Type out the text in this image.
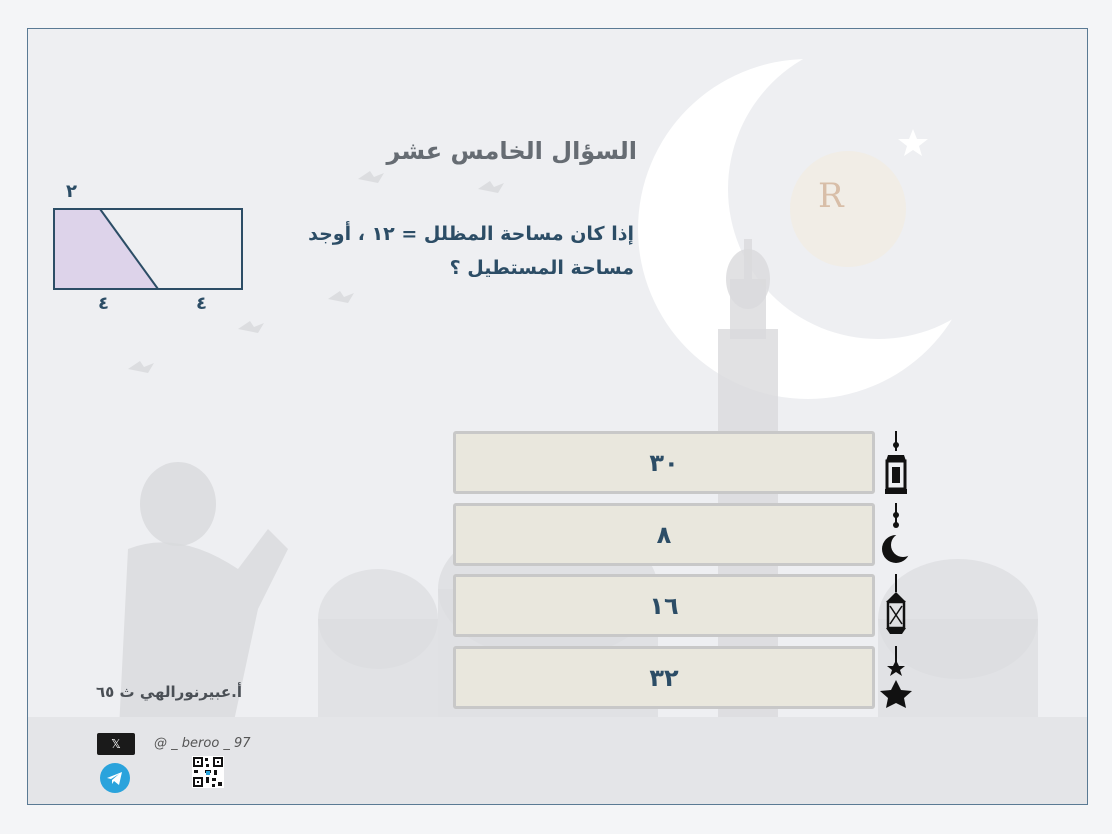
R
السؤال الخامس عشر
إذا كان مساحة المظلل = ١٢ ، أوجد
مساحة المستطيل ؟
٢
٤	٤
٣٠
٨
١٦
٣٢
أ.عبيرنورالهي ث ٦٥
𝕏	@ _ beroo _ 97
